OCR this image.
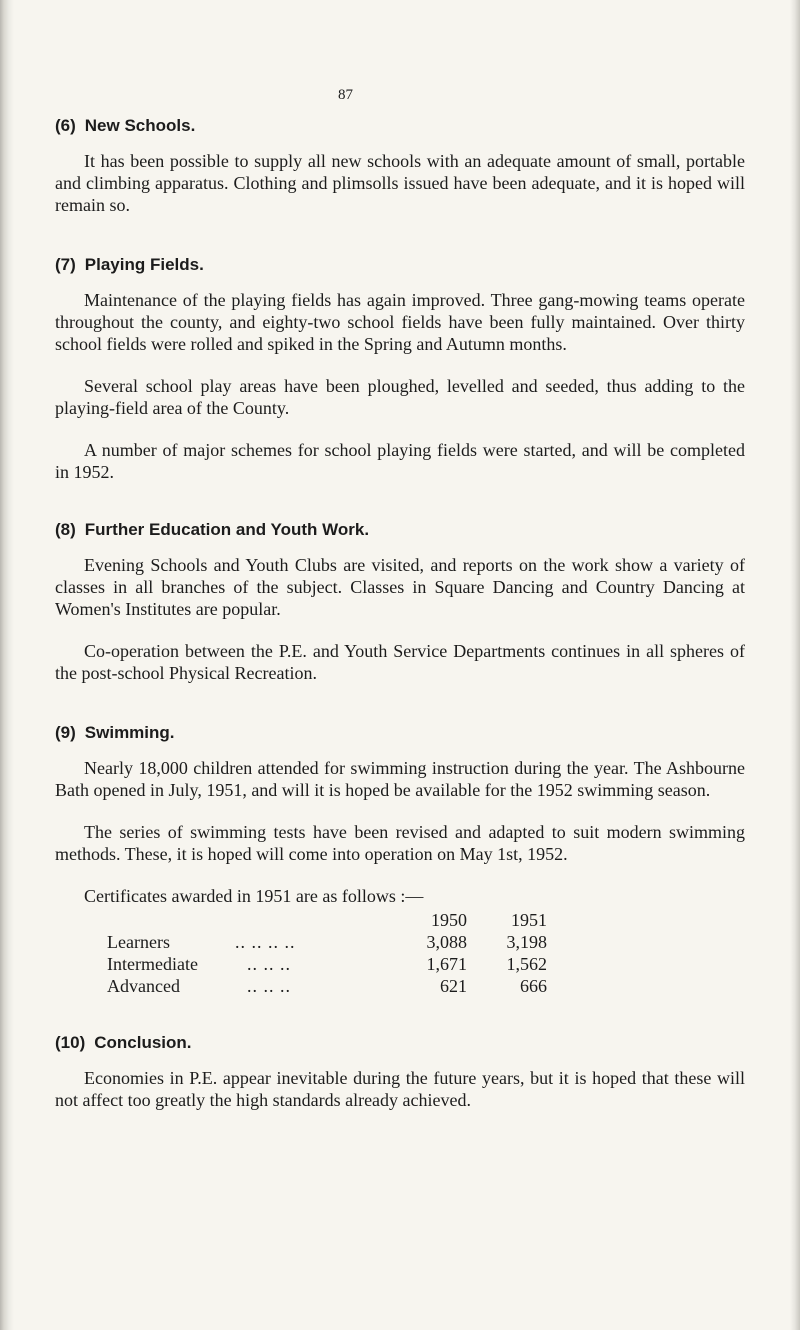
87
(6) New Schools.

It has been possible to supply all new schools with an adequate amount of small, portable and climbing apparatus. Clothing and plimsolls issued have been adequate, and it is hoped will remain so.

(7) Playing Fields.

Maintenance of the playing fields has again improved. Three gang-mowing teams operate throughout the county, and eighty-two school fields have been fully maintained. Over thirty school fields were rolled and spiked in the Spring and Autumn months.

Several school play areas have been ploughed, levelled and seeded, thus adding to the playing-field area of the County.

A number of major schemes for school playing fields were started, and will be completed in 1952.

(8) Further Education and Youth Work.

Evening Schools and Youth Clubs are visited, and reports on the work show a variety of classes in all branches of the subject. Classes in Square Dancing and Country Dancing at Women's Institutes are popular.

Co-operation between the P.E. and Youth Service Departments continues in all spheres of the post-school Physical Recreation.

(9) Swimming.

Nearly 18,000 children attended for swimming instruction during the year. The Ashbourne Bath opened in July, 1951, and will it is hoped be available for the 1952 swimming season.

The series of swimming tests have been revised and adapted to suit modern swimming methods. These, it is hoped will come into operation on May 1st, 1952.

Certificates awarded in 1951 are as follows :—

		1950	1951
Learners	.. .. .. ..	3,088	3,198
Intermediate	.. .. ..	1,671	1,562
Advanced	.. .. ..	621	666
(10) Conclusion.

Economies in P.E. appear inevitable during the future years, but it is hoped that these will not affect too greatly the high standards already achieved.
